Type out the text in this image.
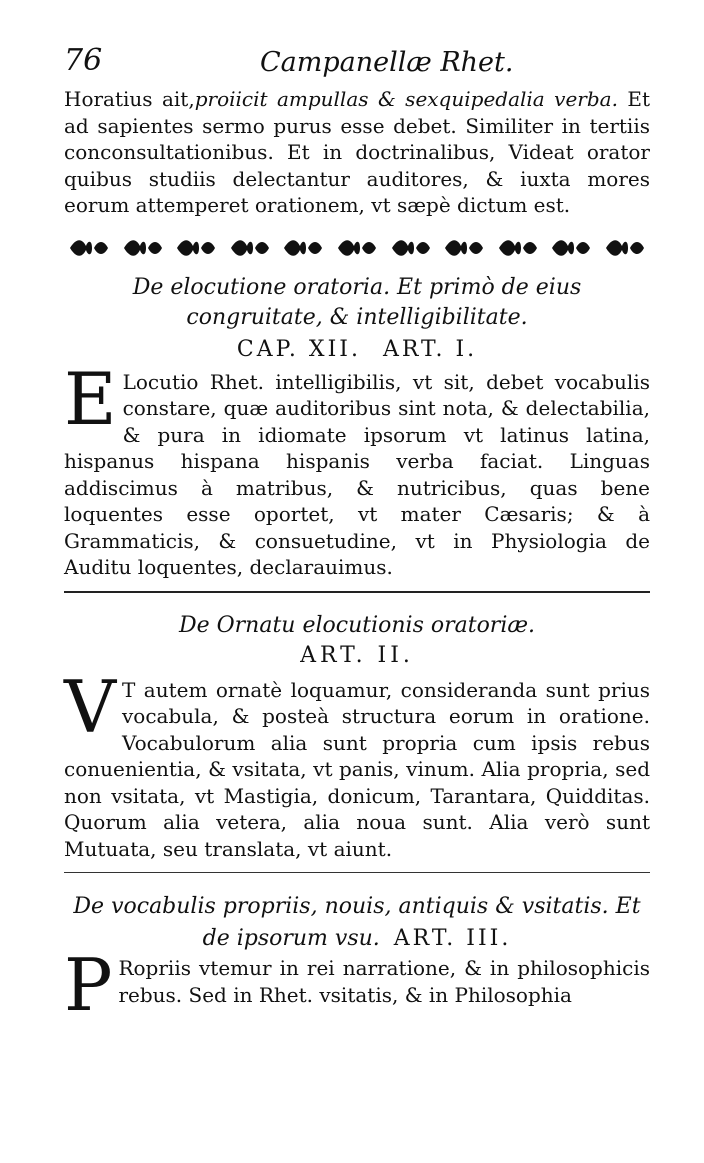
76	Campanellæ Rhet.

Horatius ait,proiicit ampullas & sexquipedalia verba. Et ad sapientes sermo purus esse debet. Similiter in tertiis conconsultationibus. Et in doctrinalibus, Videat orator quibus studiis delectantur auditores, & iuxta mores eorum attemperet orationem, vt sæpè dictum est.

De elocutione oratoria. Et primò de eius congruitate, & intelligibilitate.

CAP. XII. ART. I.

E Locutio Rhet. intelligibilis, vt sit, debet vocabulis constare, quæ auditoribus sint nota, & delectabilia, & pura in idiomate ipsorum vt latinus latina, hispanus hispana hispanis verba faciat. Linguas addiscimus à matribus, & nutricibus, quas bene loquentes esse oportet, vt mater Cæsaris; & à Grammaticis, & consuetudine, vt in Physiologia de Auditu loquentes, declarauimus.

De Ornatu elocutionis oratoriæ.

ART. II.

V T autem ornatè loquamur, consideranda sunt prius vocabula, & posteà structura eorum in oratione. Vocabulorum alia sunt propria cum ipsis rebus conuenientia, & vsitata, vt panis, vinum. Alia propria, sed non vsitata, vt Mastigia, donicum, Tarantara, Quidditas. Quorum alia vetera, alia noua sunt. Alia verò sunt Mutuata, seu translata, vt aiunt.

De vocabulis propriis, nouis, antiquis & vsitatis. Et de ipsorum vsu. ART. III.

P Ropriis vtemur in rei narratione, & in philosophicis rebus. Sed in Rhet. vsitatis, & in Philosophia
